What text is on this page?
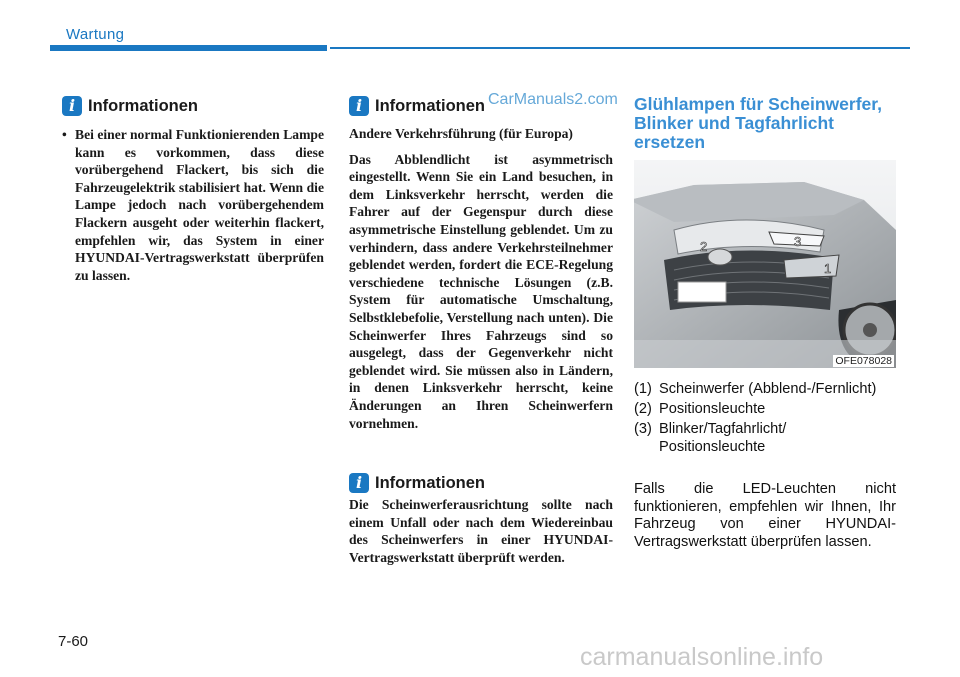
Wartung
i Informationen
• Bei einer normal Funktionierenden Lampe kann es vorkommen, dass diese vorübergehend Flackert, bis sich die Fahrzeugelektrik stabilisiert hat. Wenn die Lampe jedoch nach vorübergehendem Flackern ausgeht oder weiterhin flackert, empfehlen wir, das System in einer HYUNDAI-Vertragswerkstatt überprüfen zu lassen.
i Informationen CarManuals2.com

Andere Verkehrsführung (für Europa)

Das Abblendlicht ist asymmetrisch eingestellt. Wenn Sie ein Land besuchen, in dem Linksverkehr herrscht, werden die Fahrer auf der Gegenspur durch diese asymmetrische Einstellung geblendet. Um zu verhindern, dass andere Verkehrsteilnehmer geblendet werden, fordert die ECE-Regelung verschiedene technische Lösungen (z.B. System für automatische Umschaltung, Selbstklebefolie, Verstellung nach unten). Die Scheinwerfer Ihres Fahrzeugs sind so ausgelegt, dass der Gegenverkehr nicht geblendet wird. Sie müssen also in Ländern, in denen Linksverkehr herrscht, keine Änderungen an Ihren Scheinwerfern vornehmen.

i Informationen

Die Scheinwerferausrichtung sollte nach einem Unfall oder nach dem Wiedereinbau des Scheinwerfers in einer HYUNDAI-Vertragswerkstatt überprüft werden.

Glühlampen für Scheinwerfer, Blinker und Tagfahrlicht ersetzen
1
2	3
OFE078028
(1) Scheinwerfer (Abblend-/Fernlicht)
(2) Positionsleuchte
(3) Blinker/Tagfahrlicht/ Positionsleuchte
Falls die LED-Leuchten nicht funktionieren, empfehlen wir Ihnen, Ihr Fahrzeug von einer HYUNDAI-Vertragswerkstatt überprüfen lassen.
7-60
carmanualsonline.info
